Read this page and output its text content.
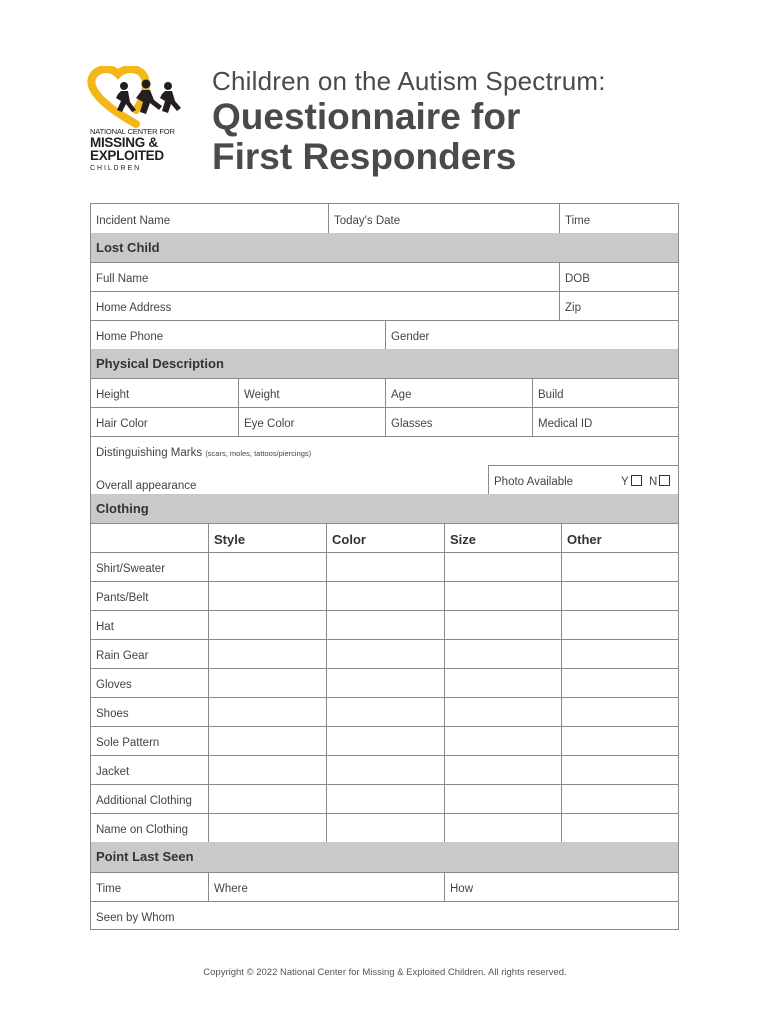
NATIONAL CENTER FOR
MISSING &
EXPLOITED
C H I L D R E N
Children on the Autism Spectrum:
Questionnaire for
First Responders
Incident Name	Today's Date	Time
Lost Child
Full Name	DOB
Home Address	Zip
Home Phone	Gender
Physical Description
Height	Weight	Age	Build
Hair Color	Eye Color	Glasses	Medical ID
Distinguishing Marks (scars, moles, tattoos/piercings)
Overall appearance	Photo Available	Y	N
Clothing
Style	Color	Size	Other
Shirt/Sweater
Pants/Belt
Hat
Rain Gear
Gloves
Shoes
Sole Pattern
Jacket
Additional Clothing
Name on Clothing
Point Last Seen
Time	Where	How
Seen by Whom
Copyright © 2022 National Center for Missing & Exploited Children. All rights reserved.
